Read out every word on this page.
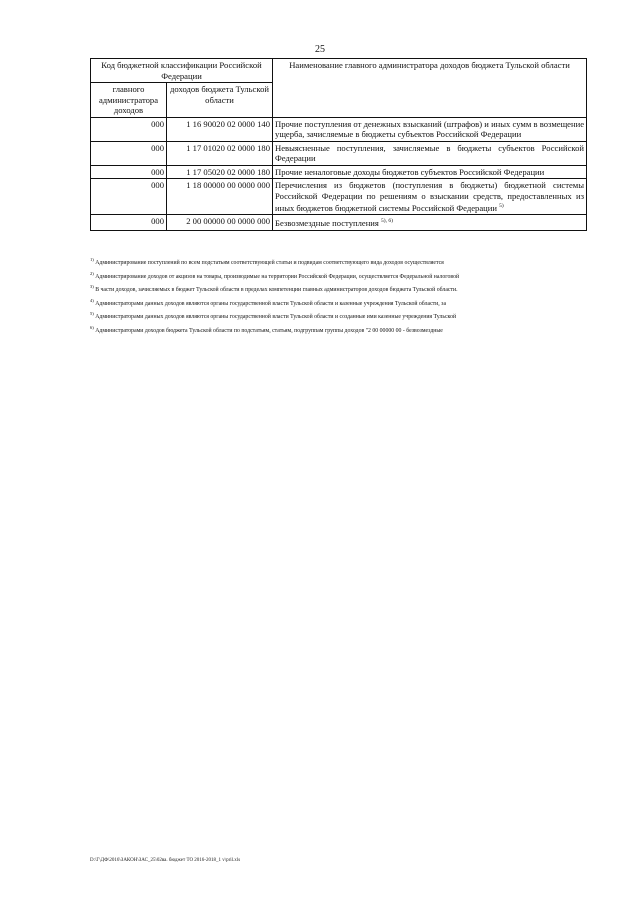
25
Код бюджетной классификации Российской Федерации		Наименование главного администратора доходов бюджета Тульской области
главного администратора доходов	доходов бюджета Тульской области	
000	1 16 90020 02 0000 140	Прочие поступления от денежных взысканий (штрафов) и иных сумм в возмещение ущерба, зачисляемые в бюджеты субъектов Российской Федерации
000	1 17 01020 02 0000 180	Невыясненные поступления, зачисляемые в бюджеты субъектов Российской Федерации
000	1 17 05020 02 0000 180	Прочие неналоговые доходы бюджетов субъектов Российской Федерации
000	1 18 00000 00 0000 000	Перечисления из бюджетов (поступления в бюджеты) бюджетной системы Российской Федерации по решениям о взыскании средств, предоставленных из иных бюджетов бюджетной системы Российской Федерации $^{5)}$
000	2 00 00000 00 0000 000	Безвозмездные поступления $^{5), 6)}$
$^{1)}$ Администрирование поступлений по всем подстатьям соответствующей статьи и подвидам соответствующего вида доходов осуществляется
$^{2)}$ Администрирование доходов от акцизов на товары, производимые на территории Российской Федерации, осуществляется Федеральной налоговой
$^{3)}$ В части доходов, зачисляемых в бюджет Тульской области в пределах компетенции главных администраторов доходов бюджета Тульской области.
$^{4)}$ Администраторами данных доходов являются органы государственной власти Тульской области и казенные учреждения Тульской области, за
$^{5)}$ Администраторами данных доходов являются органы государственной власти Тульской области и созданные ими казенные учреждения Тульской
$^{6)}$ Администраторами доходов бюджета Тульской области по подстатьям, статьям, подгруппам группы доходов "2 00 00000 00 - безвозмездные
D:\Г\ДФ\2016\ЗАКОН\ЗАС_25\02ва. бюджет ТО 2016-2018_1 v\pril.xls
